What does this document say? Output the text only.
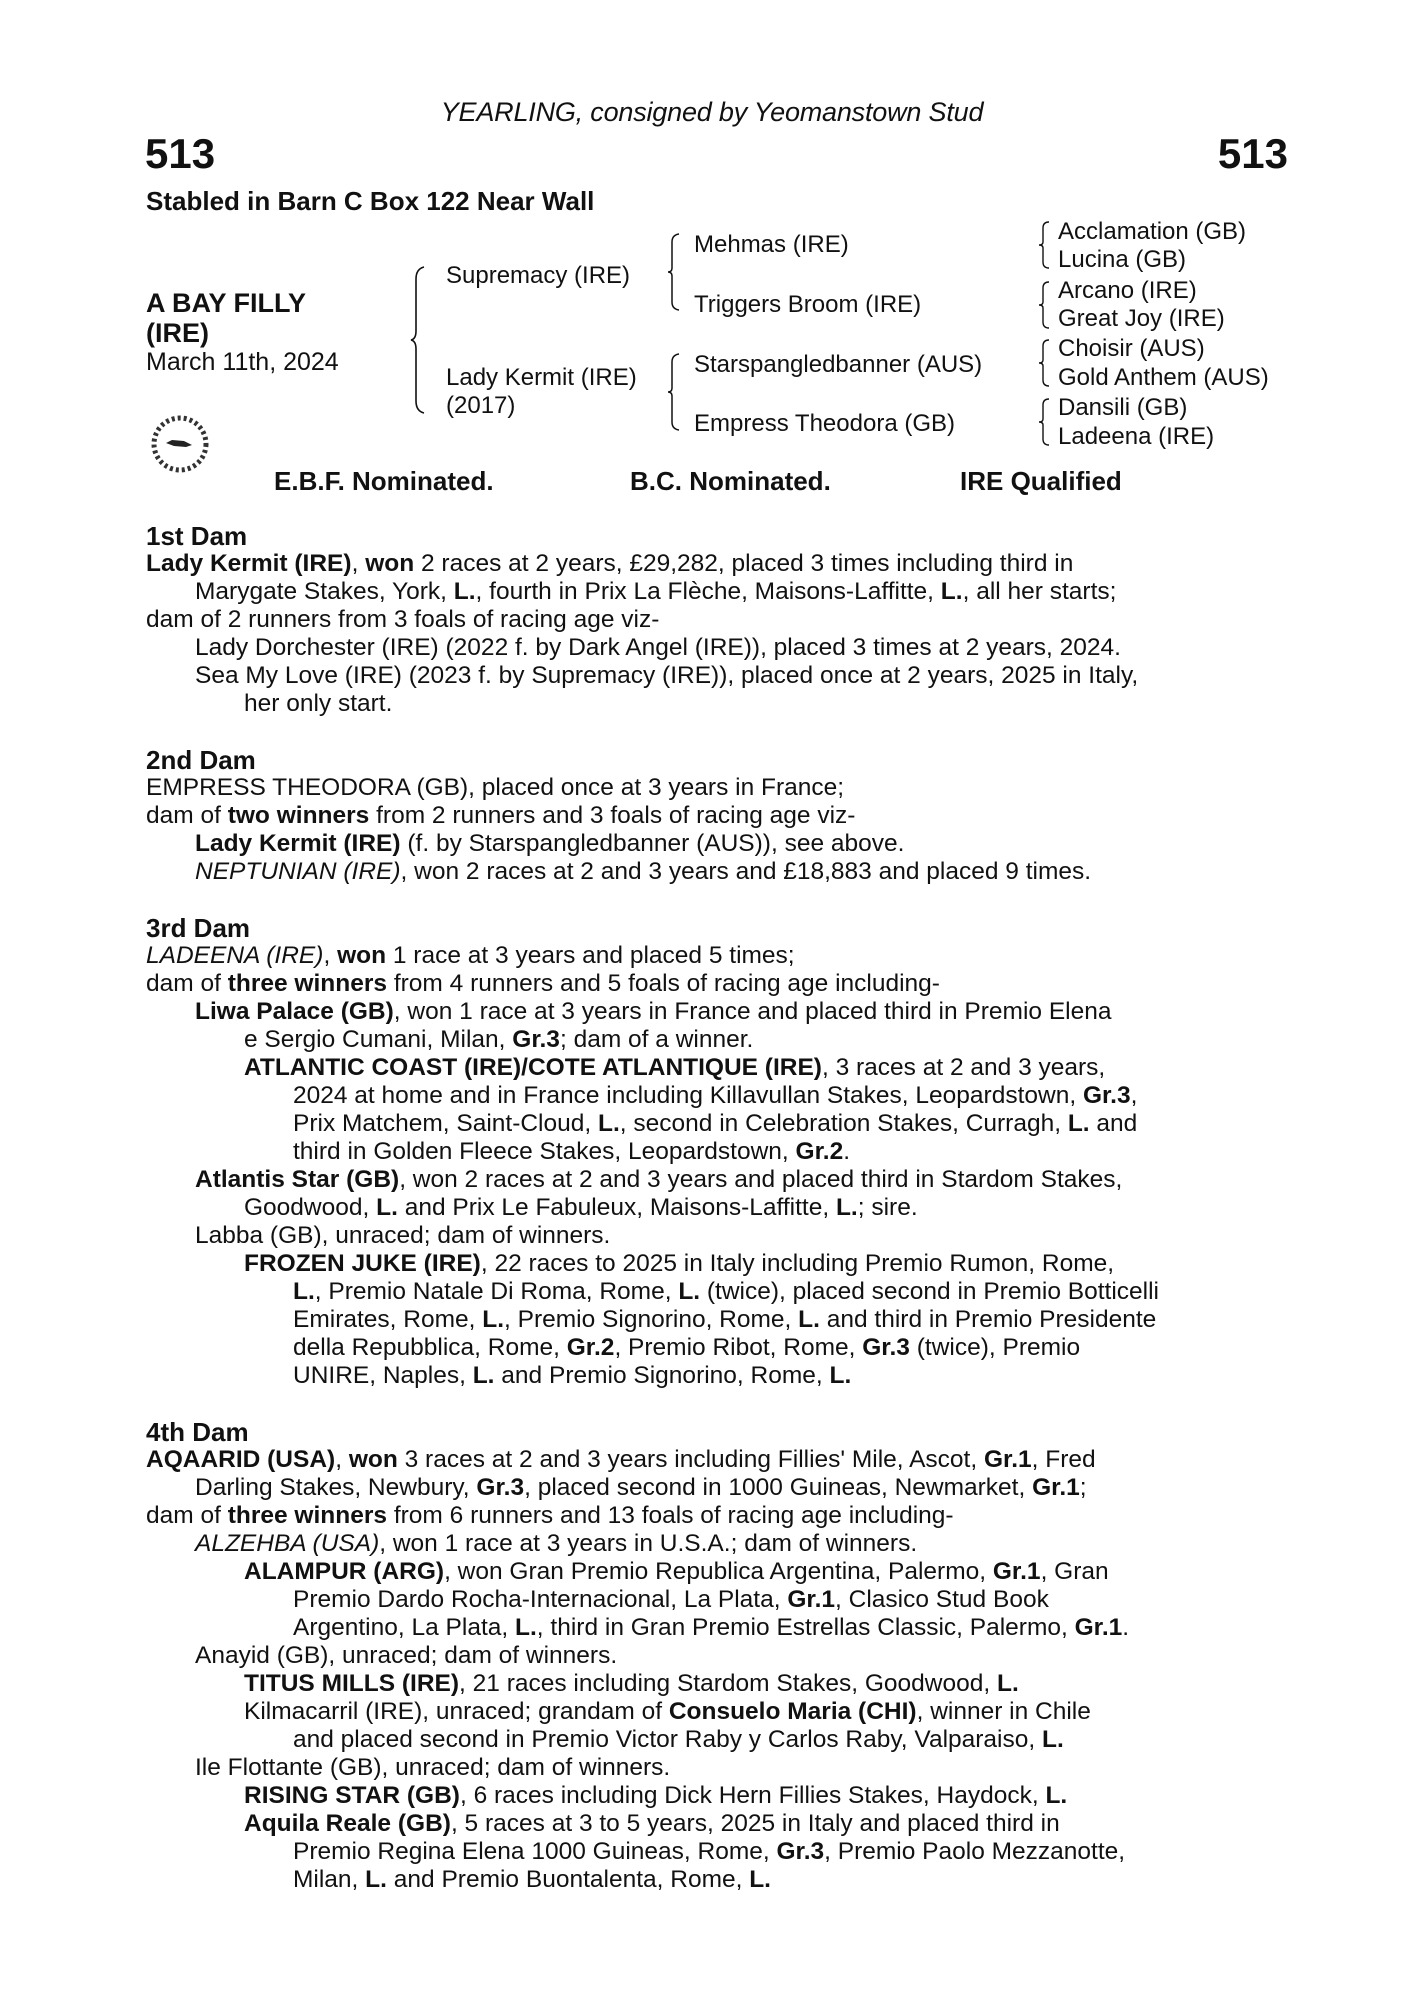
YEARLING, consigned by Yeomanstown Stud
513	513
Stabled in Barn C Box 122 Near Wall
A BAY FILLY
(IRE)
March 11th, 2024
Supremacy (IRE)
Lady Kermit (IRE)
(2017)
Mehmas (IRE)
Triggers Broom (IRE)
Starspangledbanner (AUS)
Empress Theodora (GB)
Acclamation (GB)
Lucina (GB)
Arcano (IRE)
Great Joy (IRE)
Choisir (AUS)
Gold Anthem (AUS)
Dansili (GB)
Ladeena (IRE)
E.B.F. Nominated.	B.C. Nominated.	IRE Qualified
1st Dam
Lady Kermit (IRE), won 2 races at 2 years, £29,282, placed 3 times including third in
Marygate Stakes, York, L., fourth in Prix La Flèche, Maisons-Laffitte, L., all her starts;
dam of 2 runners from 3 foals of racing age viz-
Lady Dorchester (IRE) (2022 f. by Dark Angel (IRE)), placed 3 times at 2 years, 2024.
Sea My Love (IRE) (2023 f. by Supremacy (IRE)), placed once at 2 years, 2025 in Italy,
her only start.
2nd Dam
EMPRESS THEODORA (GB), placed once at 3 years in France;
dam of two winners from 2 runners and 3 foals of racing age viz-
Lady Kermit (IRE) (f. by Starspangledbanner (AUS)), see above.
NEPTUNIAN (IRE), won 2 races at 2 and 3 years and £18,883 and placed 9 times.
3rd Dam
LADEENA (IRE), won 1 race at 3 years and placed 5 times;
dam of three winners from 4 runners and 5 foals of racing age including-
Liwa Palace (GB), won 1 race at 3 years in France and placed third in Premio Elena
e Sergio Cumani, Milan, Gr.3; dam of a winner.
ATLANTIC COAST (IRE)/COTE ATLANTIQUE (IRE), 3 races at 2 and 3 years,
2024 at home and in France including Killavullan Stakes, Leopardstown, Gr.3,
Prix Matchem, Saint-Cloud, L., second in Celebration Stakes, Curragh, L. and
third in Golden Fleece Stakes, Leopardstown, Gr.2.
Atlantis Star (GB), won 2 races at 2 and 3 years and placed third in Stardom Stakes,
Goodwood, L. and Prix Le Fabuleux, Maisons-Laffitte, L.; sire.
Labba (GB), unraced; dam of winners.
FROZEN JUKE (IRE), 22 races to 2025 in Italy including Premio Rumon, Rome,
L., Premio Natale Di Roma, Rome, L. (twice), placed second in Premio Botticelli
Emirates, Rome, L., Premio Signorino, Rome, L. and third in Premio Presidente
della Repubblica, Rome, Gr.2, Premio Ribot, Rome, Gr.3 (twice), Premio
UNIRE, Naples, L. and Premio Signorino, Rome, L.
4th Dam
AQAARID (USA), won 3 races at 2 and 3 years including Fillies' Mile, Ascot, Gr.1, Fred
Darling Stakes, Newbury, Gr.3, placed second in 1000 Guineas, Newmarket, Gr.1;
dam of three winners from 6 runners and 13 foals of racing age including-
ALZEHBA (USA), won 1 race at 3 years in U.S.A.; dam of winners.
ALAMPUR (ARG), won Gran Premio Republica Argentina, Palermo, Gr.1, Gran
Premio Dardo Rocha-Internacional, La Plata, Gr.1, Clasico Stud Book
Argentino, La Plata, L., third in Gran Premio Estrellas Classic, Palermo, Gr.1.
Anayid (GB), unraced; dam of winners.
TITUS MILLS (IRE), 21 races including Stardom Stakes, Goodwood, L.
Kilmacarril (IRE), unraced; grandam of Consuelo Maria (CHI), winner in Chile
and placed second in Premio Victor Raby y Carlos Raby, Valparaiso, L.
Ile Flottante (GB), unraced; dam of winners.
RISING STAR (GB), 6 races including Dick Hern Fillies Stakes, Haydock, L.
Aquila Reale (GB), 5 races at 3 to 5 years, 2025 in Italy and placed third in
Premio Regina Elena 1000 Guineas, Rome, Gr.3, Premio Paolo Mezzanotte,
Milan, L. and Premio Buontalenta, Rome, L.
